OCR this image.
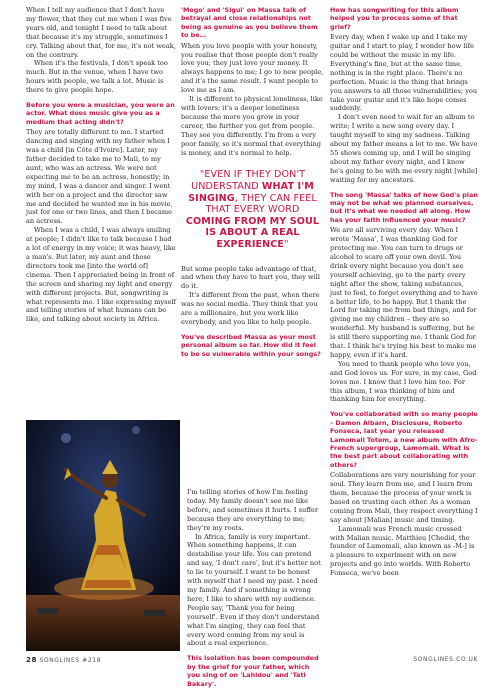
When I tell my audience that I don't have my flower, that they cut me when I was five years old, and tonight I need to talk about that because it's my struggle, sometimes I cry. Talking about that, for me, it's not weak, on the contrary.

When it's the festivals, I don't speak too much. But in the venue, when I have two hours with people, we talk a lot. Music is there to give people hope.

Before you were a musician, you were an actor. What does music give you as a medium that acting didn't?

They are totally different to me. I started dancing and singing with my father when I was a child [in Côte d'Ivoire]. Later, my father decided to take me to Mali, to my aunt, who was an actress. We were not expecting me to be an actress, honestly; in my mind, I was a dancer and singer. I went with her on a project and the director saw me and decided he wanted me in his movie, just for one or two lines, and then I became an actress.

When I was a child, I was always smiling at people; I didn't like to talk because I had a lot of energy in my voice; it was heavy, like a man's. But later, my aunt and those directors took me [into the world of] cinema. Then I appreciated being in front of the screen and sharing my light and energy with different projects. But, songwriting is what represents me. I like expressing myself and telling stories of what humans can be like, and talking about society in Africa.

'Mogo' and 'Sigui' on Massa talk of betrayal and close relationships not being as genuine as you believe them to be…

When you love people with your honesty, you realise that those people don't really love you; they just love your money. It always happens to me; I go to new people, and it's the same result. I want people to love me as I am.

It is different to physical loneliness, like with lovers; it's a deeper loneliness because the more you grow in your career, the further you get from people. They see you differently. I'm from a very poor family, so it's normal that everything is money, and it's normal to help.

"EVEN IF THEY DON'T UNDERSTAND WHAT I'M SINGING, THEY CAN FEEL THAT EVERY WORD COMING FROM MY SOUL IS ABOUT A REAL EXPERIENCE"

But some people take advantage of that, and when they have to hurt you, they will do it.

It's different from the past, when there was no social media. They think that you are a millionaire, but you work like everybody, and you like to help people.

You've described Massa as your most personal album so far. How did it feel to be so vulnerable within your songs?

I'm telling stories of how I'm feeling today. My family doesn't see me like before, and sometimes it hurts. I suffer because they are everything to me; they're my roots.

In Africa, family is very important. When something happens, it can destabilise your life. You can pretend and say, 'I don't care', but it's better not to lie to yourself. I want to be honest with myself that I need my past. I need my family. And if something is wrong here, I like to share with my audience. People say, 'Thank you for being yourself'. Even if they don't understand what I'm singing, they can feel that every word coming from my soul is about a real experience.

This isolation has been compounded by the grief for your father, which you sing of on 'Lahidou' and 'Tati Bakary'.
How has songwriting for this album helped you to process some of that grief?

Every day, when I wake up and I take my guitar and I start to play, I wonder how life could be without the music in my life. Everything's fine, but at the same time, nothing is in the right place. There's no perfection. Music is the thing that brings you answers to all those vulnerabilities; you take your guitar and it's like hope comes suddenly.

I don't even need to wait for an album to write; I write a new song every day. I taught myself to sing my sadness. Talking about my father means a lot to me. We have 55 shows coming up, and I will be singing about my father every night, and I know he's going to be with me every night [while] waiting for my ancestors.

The song 'Massa' talks of how God's plan may not be what we planned ourselves, but it's what we needed all along. How has your faith influenced your music?

We are all surviving every day. When I wrote 'Massa', I was thanking God for protecting me. You can turn to drugs or alcohol to scare off your own devil. You drink every night because you don't see yourself achieving, go to the party every night after the show, taking substances, just to feel, to forget everything and to have a better life, to be happy. But I thank the Lord for taking me from bad things, and for giving me my children – they are so wonderful. My husband is suffering, but he is still there supporting me. I thank God for that. I think he's trying his best to make me happy, even if it's hard.

You need to thank people who love you, and God loves us. For sure, in my case, God loves me. I know that I love him too. For this album, I was thinking of him and thanking him for everything.

You've collaborated with so many people – Damon Albarn, Disclosure, Roberto Fonseca, last year you released Lamomali Totem, a new album with Afro-French supergroup, Lamomali. What is the best part about collaborating with others?

Collaborations are very nourishing for your soul. They learn from me, and I learn from them, because the process of your work is based on trusting each other. As a woman coming from Mali, they respect everything I say about [Malian] music and timing.

Lamomali was French music crossed with Malian music. Matthieu [Chedid, the founder of Lamomali, also known as -M-] is a pleasure to experiment with on new projects and go into worlds. With Roberto Fonseca, we've been

28 SONGLINES #218	SONGLINES.CO.UK
